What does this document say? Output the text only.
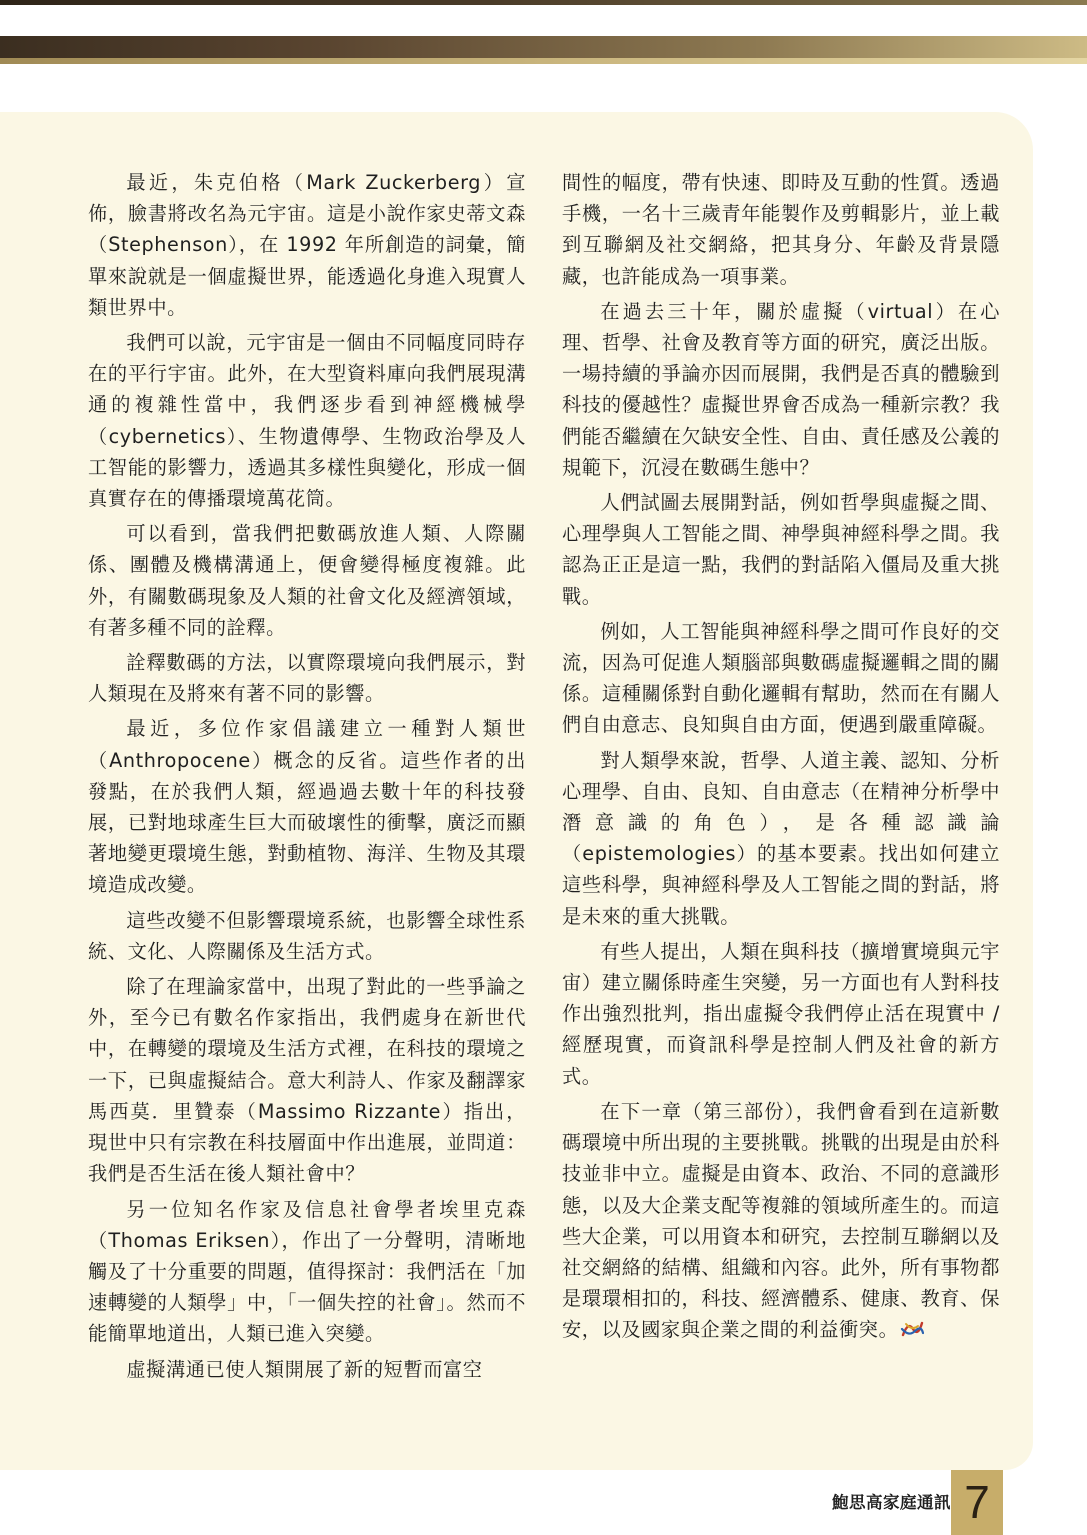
最近，朱克伯格（Mark Zuckerberg）宣佈，臉書將改名為元宇宙。這是小說作家史蒂文森（Stephenson），在 1992 年所創造的詞彙，簡單來說就是一個虛擬世界，能透過化身進入現實人類世界中。

我們可以說，元宇宙是一個由不同幅度同時存在的平行宇宙。此外，在大型資料庫向我們展現溝通的複雜性當中，我們逐步看到神經機械學（cybernetics）、生物遺傳學、生物政治學及人工智能的影響力，透過其多樣性與變化，形成一個真實存在的傳播環境萬花筒。

可以看到，當我們把數碼放進人類、人際關係、團體及機構溝通上，便會變得極度複雜。此外，有關數碼現象及人類的社會文化及經濟領域，有著多種不同的詮釋。

詮釋數碼的方法，以實際環境向我們展示，對人類現在及將來有著不同的影響。

最近，多位作家倡議建立一種對人類世（Anthropocene）概念的反省。這些作者的出發點，在於我們人類，經過過去數十年的科技發展，已對地球產生巨大而破壞性的衝擊，廣泛而顯著地變更環境生態，對動植物、海洋、生物及其環境造成改變。

這些改變不但影響環境系統，也影響全球性系統、文化、人際關係及生活方式。

除了在理論家當中，出現了對此的一些爭論之外，至今已有數名作家指出，我們處身在新世代中，在轉變的環境及生活方式裡，在科技的環境之一下，已與虛擬結合。意大利詩人、作家及翻譯家馬西莫．里贊泰（Massimo Rizzante）指出，現世中只有宗教在科技層面中作出進展，並問道：我們是否生活在後人類社會中？

另一位知名作家及信息社會學者埃里克森（Thomas Eriksen），作出了一分聲明，清晰地觸及了十分重要的問題，值得探討：我們活在「加速轉變的人類學」中，「一個失控的社會」。然而不能簡單地道出，人類已進入突變。

虛擬溝通已使人類開展了新的短暫而富空

間性的幅度，帶有快速、即時及互動的性質。透過手機，一名十三歲青年能製作及剪輯影片，並上載到互聯網及社交網絡，把其身分、年齡及背景隱藏，也許能成為一項事業。

在過去三十年，關於虛擬（virtual）在心理、哲學、社會及教育等方面的研究，廣泛出版。一場持續的爭論亦因而展開，我們是否真的體驗到科技的優越性？虛擬世界會否成為一種新宗教？我們能否繼續在欠缺安全性、自由、責任感及公義的規範下，沉浸在數碼生態中？

人們試圖去展開對話，例如哲學與虛擬之間、心理學與人工智能之間、神學與神經科學之間。我認為正正是這一點，我們的對話陷入僵局及重大挑戰。

例如，人工智能與神經科學之間可作良好的交流，因為可促進人類腦部與數碼虛擬邏輯之間的關係。這種關係對自動化邏輯有幫助，然而在有關人們自由意志、良知與自由方面，便遇到嚴重障礙。

對人類學來說，哲學、人道主義、認知、分析心理學、自由、良知、自由意志（在精神分析學中潛意識的角色），是各種認識論（epistemologies）的基本要素。找出如何建立這些科學，與神經科學及人工智能之間的對話，將是未來的重大挑戰。

有些人提出，人類在與科技（擴增實境與元宇宙）建立關係時產生突變，另一方面也有人對科技作出強烈批判，指出虛擬令我們停止活在現實中 / 經歷現實，而資訊科學是控制人們及社會的新方式。

在下一章（第三部份），我們會看到在這新數碼環境中所出現的主要挑戰。挑戰的出現是由於科技並非中立。虛擬是由資本、政治、不同的意識形態，以及大企業支配等複雜的領域所產生的。而這些大企業，可以用資本和研究，去控制互聯網以及社交網絡的結構、組織和內容。此外，所有事物都是環環相扣的，科技、經濟體系、健康、教育、保安，以及國家與企業之間的利益衝突。

鮑思高家庭通訊 7
